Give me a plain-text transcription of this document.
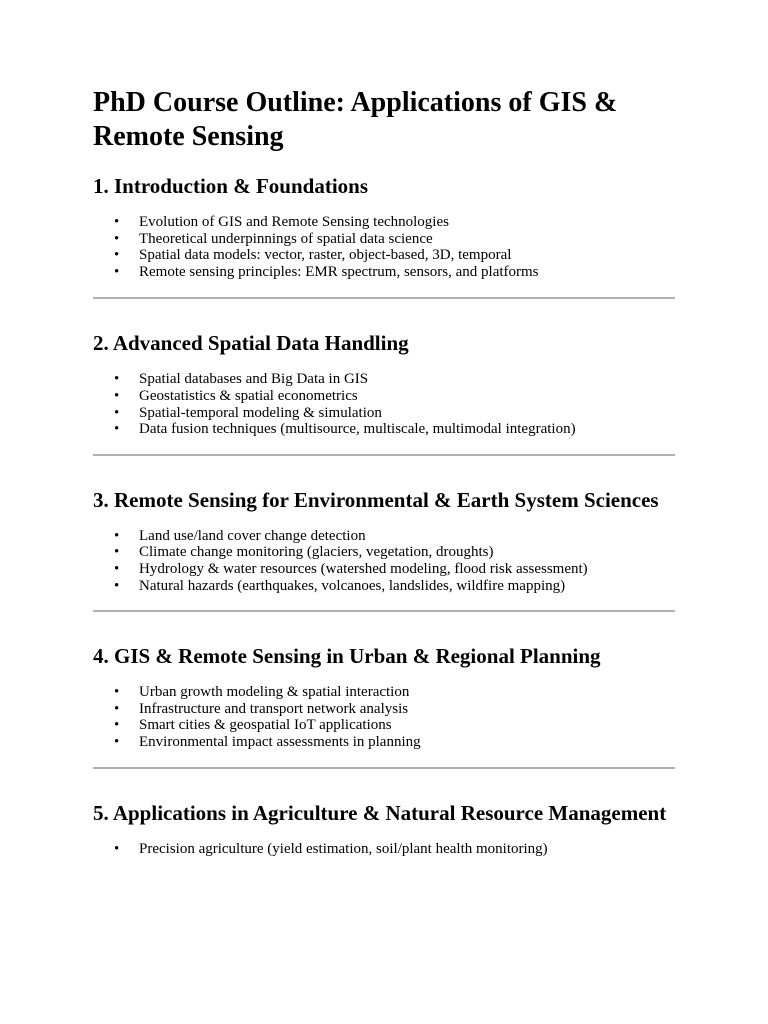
PhD Course Outline: Applications of GIS & Remote Sensing
1. Introduction & Foundations
• Evolution of GIS and Remote Sensing technologies
• Theoretical underpinnings of spatial data science
• Spatial data models: vector, raster, object-based, 3D, temporal
• Remote sensing principles: EMR spectrum, sensors, and platforms
2. Advanced Spatial Data Handling
• Spatial databases and Big Data in GIS
• Geostatistics & spatial econometrics
• Spatial-temporal modeling & simulation
• Data fusion techniques (multisource, multiscale, multimodal integration)
3. Remote Sensing for Environmental & Earth System Sciences
• Land use/land cover change detection
• Climate change monitoring (glaciers, vegetation, droughts)
• Hydrology & water resources (watershed modeling, flood risk assessment)
• Natural hazards (earthquakes, volcanoes, landslides, wildfire mapping)
4. GIS & Remote Sensing in Urban & Regional Planning
• Urban growth modeling & spatial interaction
• Infrastructure and transport network analysis
• Smart cities & geospatial IoT applications
• Environmental impact assessments in planning
5. Applications in Agriculture & Natural Resource Management
• Precision agriculture (yield estimation, soil/plant health monitoring)
